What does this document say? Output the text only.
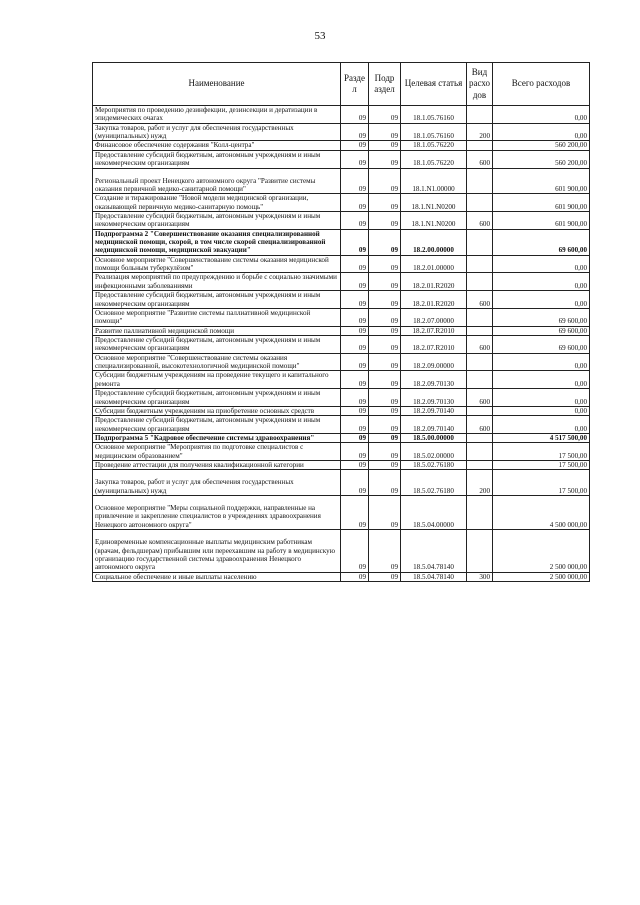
53
Наименование	Разде л	Подр аздел	Целевая статья	Вид расхо дов	Всего расходов
Мероприятия по проведению дезинфекции, дезинсекции и дератизации в эпидемических очагах	09	09	18.1.05.76160		0,00
Закупка товаров, работ и услуг для обеспечения государственных (муниципальных) нужд	09	09	18.1.05.76160	200	0,00
Финансовое обеспечение содержания "Колл-центра"	09	09	18.1.05.76220		560 200,00
Предоставление субсидий бюджетным, автономным учреждениям и иным некоммерческим организациям	09	09	18.1.05.76220	600	560 200,00
Региональный проект Ненецкого автономного округа "Развитие системы оказания первичной медико-санитарной помощи"	09	09	18.1.N1.00000		601 900,00
Создание и тиражирование "Новой модели медицинской организации, оказывающей первичную медико-санитарную помощь"	09	09	18.1.N1.N0200		601 900,00
Предоставление субсидий бюджетным, автономным учреждениям и иным некоммерческим организациям	09	09	18.1.N1.N0200	600	601 900,00
Подпрограмма 2 "Совершенствование оказания специализированной медицинской помощи, скорой, в том числе скорой специализированной медицинской помощи, медицинской эвакуации"	09	09	18.2.00.00000		69 600,00
Основное мероприятие "Совершенствование системы оказания медицинской помощи больным туберкулёзом"	09	09	18.2.01.00000		0,00
Реализация мероприятий по предупреждению и борьбе с социально значимыми инфекционными заболеваниями	09	09	18.2.01.R2020		0,00
Предоставление субсидий бюджетным, автономным учреждениям и иным некоммерческим организациям	09	09	18.2.01.R2020	600	0,00
Основное мероприятие "Развитие системы паллиативной медицинской помощи"	09	09	18.2.07.00000		69 600,00
Развитие паллиативной медицинской помощи	09	09	18.2.07.R2010		69 600,00
Предоставление субсидий бюджетным, автономным учреждениям и иным некоммерческим организациям	09	09	18.2.07.R2010	600	69 600,00
Основное мероприятие "Совершенствование системы оказания специализированной, высокотехнологичной медицинской помощи"	09	09	18.2.09.00000		0,00
Субсидии бюджетным учреждениям на проведение текущего и капитального ремонта	09	09	18.2.09.70130		0,00
Предоставление субсидий бюджетным, автономным учреждениям и иным некоммерческим организациям	09	09	18.2.09.70130	600	0,00
Субсидии бюджетным учреждениям на приобретение основных средств	09	09	18.2.09.70140		0,00
Предоставление субсидий бюджетным, автономным учреждениям и иным некоммерческим организациям	09	09	18.2.09.70140	600	0,00
Подпрограмма 5 "Кадровое обеспечение системы здравоохранения"	09	09	18.5.00.00000		4 517 500,00
Основное мероприятие "Мероприятия по подготовке специалистов с медицинским образованием"	09	09	18.5.02.00000		17 500,00
Проведение аттестации для получения квалификационной категории	09	09	18.5.02.76180		17 500,00
Закупка товаров, работ и услуг для обеспечения государственных (муниципальных) нужд	09	09	18.5.02.76180	200	17 500,00
Основное мероприятие "Меры социальной поддержки, направленные на привлечение и закрепление специалистов в учреждениях здравоохранения Ненецкого автономного округа"	09	09	18.5.04.00000		4 500 000,00
Единовременные компенсационные выплаты медицинским работникам (врачам, фельдшерам) прибывшим или переехавшим на работу в медицинскую организацию государственной системы здравоохранения Ненецкого автономного округа	09	09	18.5.04.78140		2 500 000,00
Социальное обеспечение и иные выплаты населению	09	09	18.5.04.78140	300	2 500 000,00
